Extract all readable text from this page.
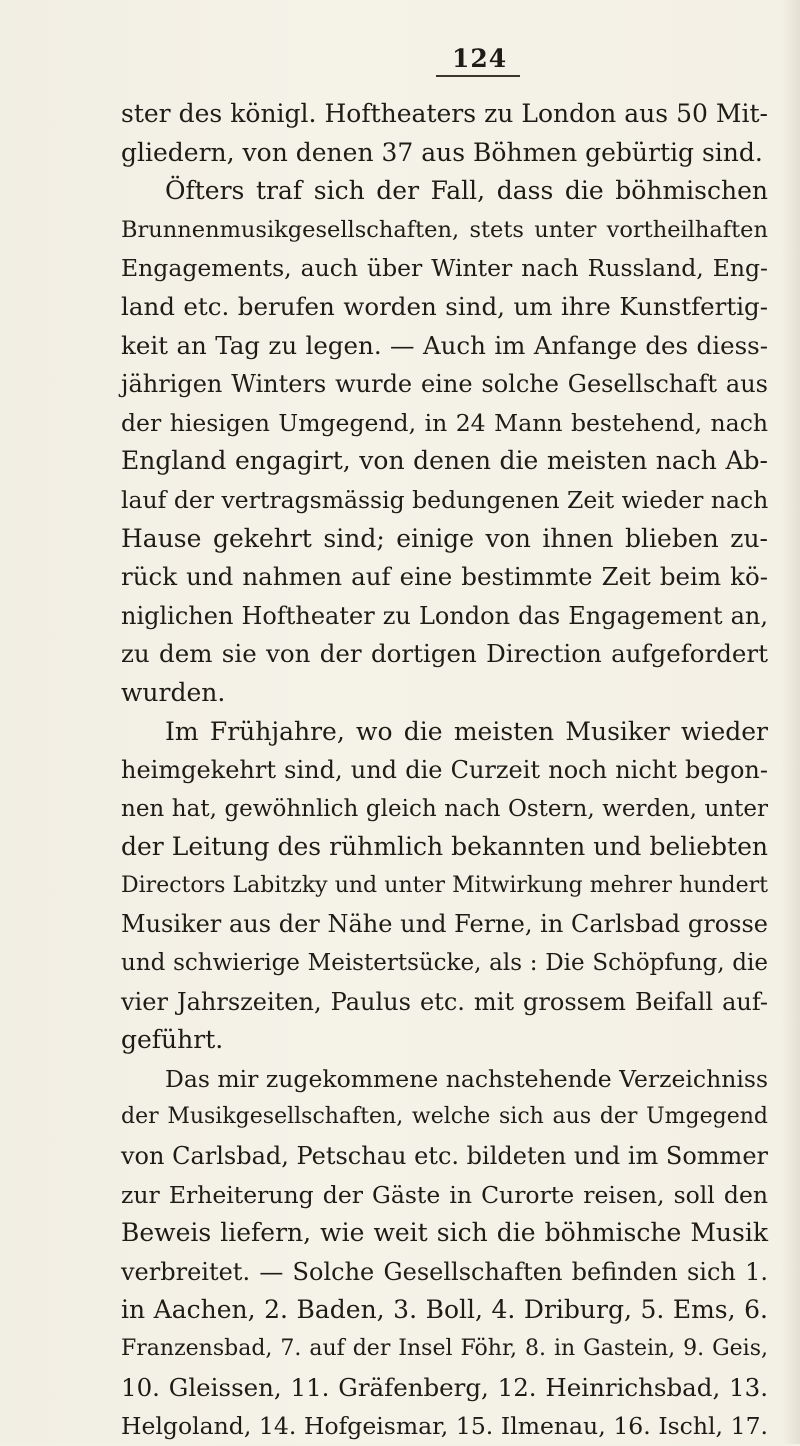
124
ster des königl. Hoftheaters zu London aus 50 Mit-
gliedern, von denen 37 aus Böhmen gebürtig sind.
Öfters traf sich der Fall, dass die böhmischen
Brunnenmusikgesellschaften, stets unter vortheilhaften
Engagements, auch über Winter nach Russland, Eng-
land etc. berufen worden sind, um ihre Kunstfertig-
keit an Tag zu legen. — Auch im Anfange des diess-
jährigen Winters wurde eine solche Gesellschaft aus
der hiesigen Umgegend, in 24 Mann bestehend, nach
England engagirt, von denen die meisten nach Ab-
lauf der vertragsmässig bedungenen Zeit wieder nach
Hause gekehrt sind; einige von ihnen blieben zu-
rück und nahmen auf eine bestimmte Zeit beim kö-
niglichen Hoftheater zu London das Engagement an,
zu dem sie von der dortigen Direction aufgefordert
wurden.
Im Frühjahre, wo die meisten Musiker wieder
heimgekehrt sind, und die Curzeit noch nicht begon-
nen hat, gewöhnlich gleich nach Ostern, werden, unter
der Leitung des rühmlich bekannten und beliebten
Directors Labitzky und unter Mitwirkung mehrer hundert
Musiker aus der Nähe und Ferne, in Carlsbad grosse
und schwierige Meistertsücke, als : Die Schöpfung, die
vier Jahrszeiten, Paulus etc. mit grossem Beifall auf-
geführt.
Das mir zugekommene nachstehende Verzeichniss
der Musikgesellschaften, welche sich aus der Umgegend
von Carlsbad, Petschau etc. bildeten und im Sommer
zur Erheiterung der Gäste in Curorte reisen, soll den
Beweis liefern, wie weit sich die böhmische Musik
verbreitet. — Solche Gesellschaften befinden sich 1.
in Aachen, 2. Baden, 3. Boll, 4. Driburg, 5. Ems, 6.
Franzensbad, 7. auf der Insel Föhr, 8. in Gastein, 9. Geis,
10. Gleissen, 11. Gräfenberg, 12. Heinrichsbad, 13.
Helgoland, 14. Hofgeismar, 15. Ilmenau, 16. Ischl, 17.
